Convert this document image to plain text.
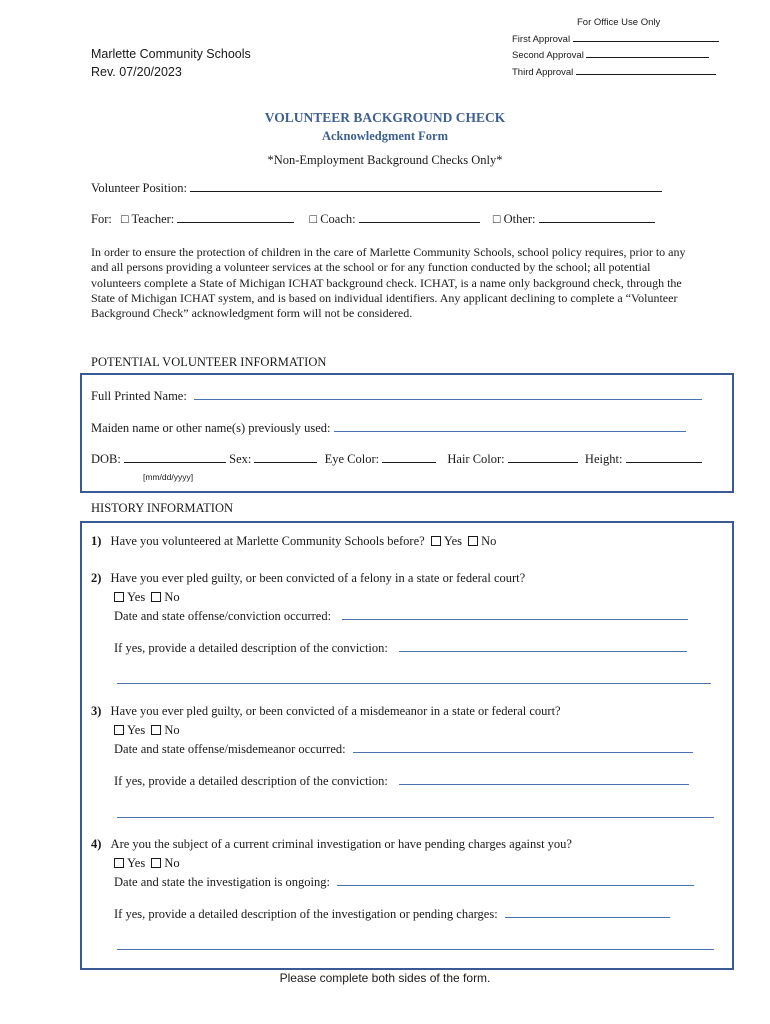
For Office Use Only
First Approval
Second Approval
Third Approval
Marlette Community Schools
Rev. 07/20/2023
VOLUNTEER BACKGROUND CHECK
Acknowledgment Form
*Non-Employment Background Checks Only*
Volunteer Position:
For: □ Teacher:	□ Coach:	□ Other:
In order to ensure the protection of children in the care of Marlette Community Schools, school policy requires, prior to any and all persons providing a volunteer services at the school or for any function conducted by the school; all potential volunteers complete a State of Michigan ICHAT background check. ICHAT, is a name only background check, through the State of Michigan ICHAT system, and is based on individual identifiers. Any applicant declining to complete a “Volunteer Background Check” acknowledgment form will not be considered.
POTENTIAL VOLUNTEER INFORMATION
Full Printed Name:
Maiden name or other name(s) previously used:
DOB:	Sex:	Eye Color:	Hair Color:	Height:
[mm/dd/yyyy]
HISTORY INFORMATION
1) Have you volunteered at Marlette Community Schools before? Yes No
2) Have you ever pled guilty, or been convicted of a felony in a state or federal court?
Yes No
Date and state offense/conviction occurred:
If yes, provide a detailed description of the conviction:
3) Have you ever pled guilty, or been convicted of a misdemeanor in a state or federal court?
Yes No
Date and state offense/misdemeanor occurred:
If yes, provide a detailed description of the conviction:
4) Are you the subject of a current criminal investigation or have pending charges against you?
Yes No
Date and state the investigation is ongoing:
If yes, provide a detailed description of the investigation or pending charges:
Please complete both sides of the form.
